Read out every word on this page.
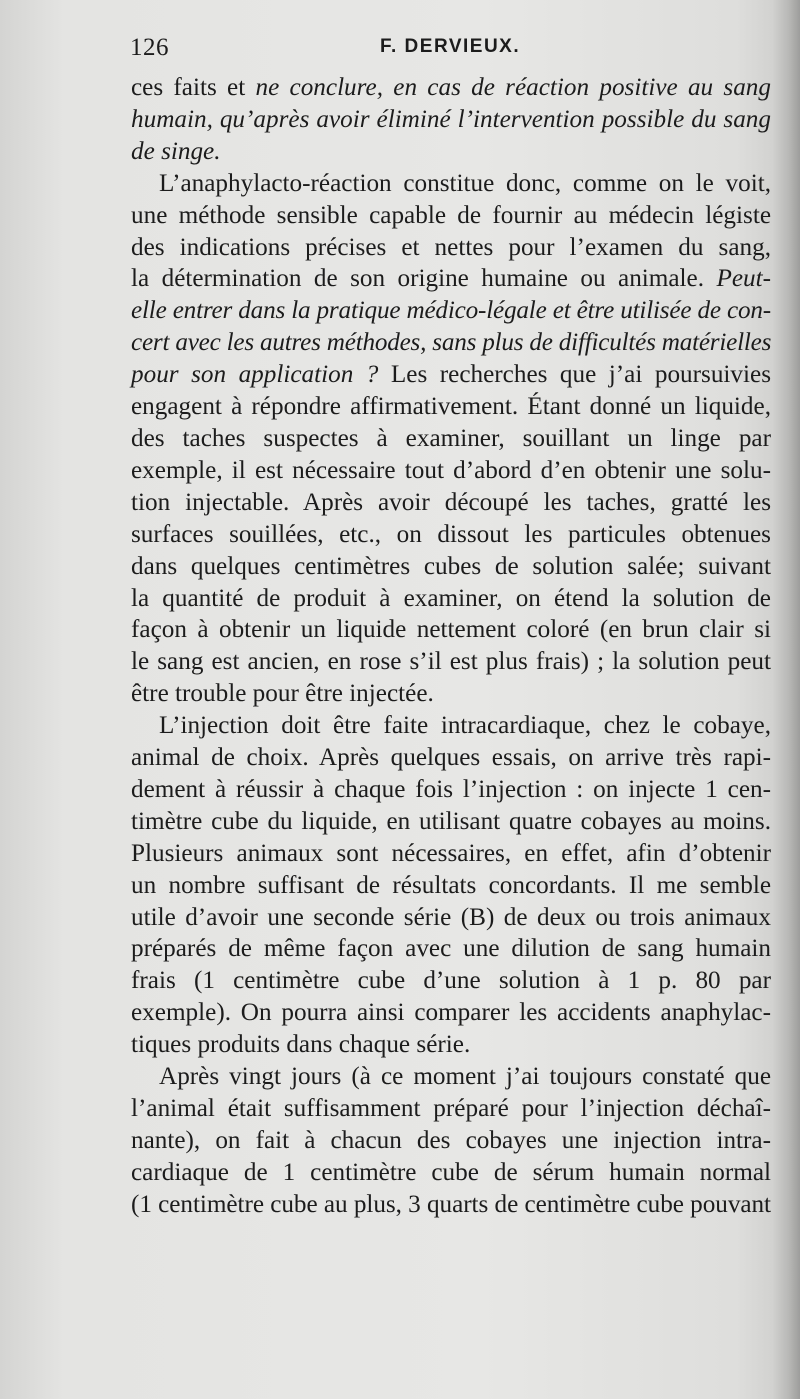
126	F. DERVIEUX.
ces faits et ne conclure, en cas de réaction positive au sang
humain, qu’après avoir éliminé l’intervention possible du sang
de singe.
L’anaphylacto-réaction constitue donc, comme on le voit,
une méthode sensible capable de fournir au médecin légiste
des indications précises et nettes pour l’examen du sang,
la détermination de son origine humaine ou animale. Peut-
elle entrer dans la pratique médico-légale et être utilisée de con-
cert avec les autres méthodes, sans plus de difficultés matérielles
pour son application ? Les recherches que j’ai poursuivies
engagent à répondre affirmativement. Étant donné un liquide,
des taches suspectes à examiner, souillant un linge par
exemple, il est nécessaire tout d’abord d’en obtenir une solu-
tion injectable. Après avoir découpé les taches, gratté les
surfaces souillées, etc., on dissout les particules obtenues
dans quelques centimètres cubes de solution salée; suivant
la quantité de produit à examiner, on étend la solution de
façon à obtenir un liquide nettement coloré (en brun clair si
le sang est ancien, en rose s’il est plus frais) ; la solution peut
être trouble pour être injectée.
L’injection doit être faite intracardiaque, chez le cobaye,
animal de choix. Après quelques essais, on arrive très rapi-
dement à réussir à chaque fois l’injection : on injecte 1 cen-
timètre cube du liquide, en utilisant quatre cobayes au moins.
Plusieurs animaux sont nécessaires, en effet, afin d’obtenir
un nombre suffisant de résultats concordants. Il me semble
utile d’avoir une seconde série (B) de deux ou trois animaux
préparés de même façon avec une dilution de sang humain
frais (1 centimètre cube d’une solution à 1 p. 80 par
exemple). On pourra ainsi comparer les accidents anaphylac-
tiques produits dans chaque série.
Après vingt jours (à ce moment j’ai toujours constaté que
l’animal était suffisamment préparé pour l’injection déchaî-
nante), on fait à chacun des cobayes une injection intra-
cardiaque de 1 centimètre cube de sérum humain normal
(1 centimètre cube au plus, 3 quarts de centimètre cube pouvant
